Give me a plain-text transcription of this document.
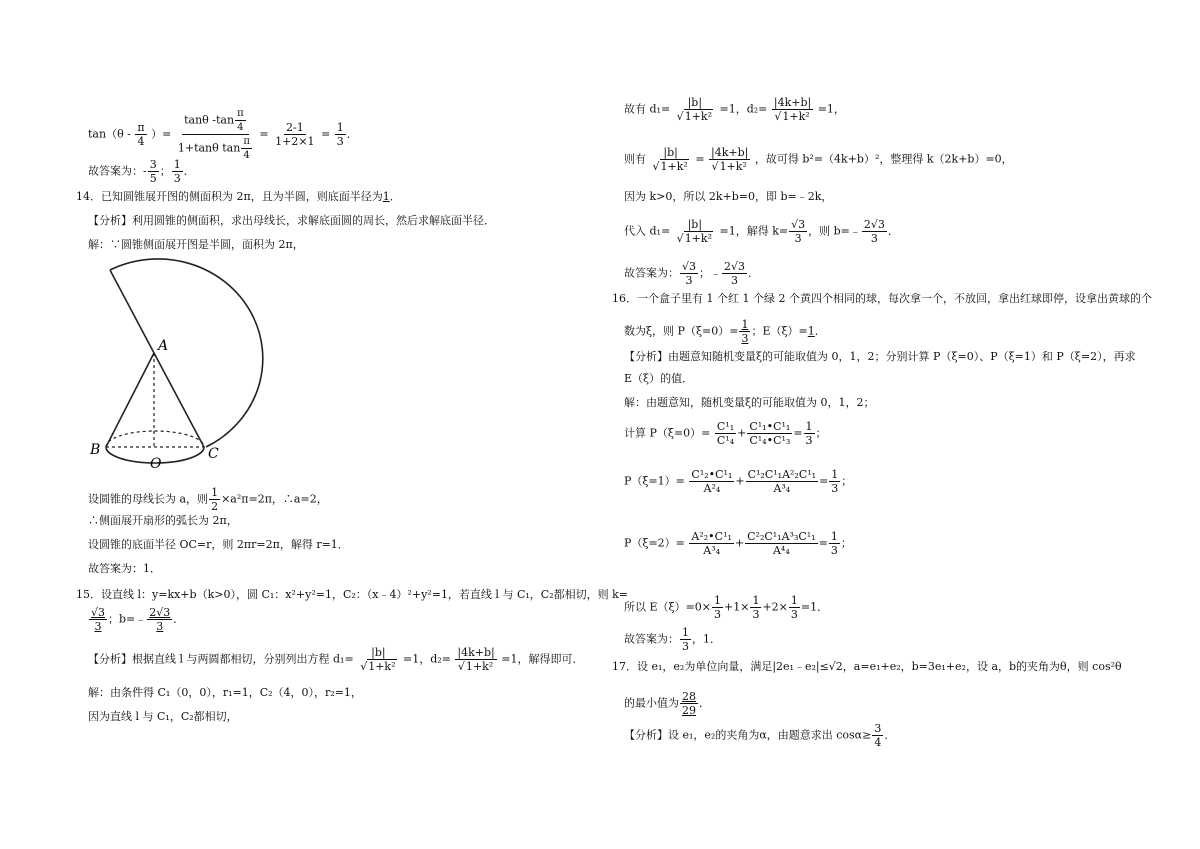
$\tan(\theta - \frac{\pi}{4}$ ）= $\frac{\tan\theta -\tan \frac{\pi}{4}}{1+\tan\theta \tan \frac{\pi}{4}} = \frac{2-1}{1+2\times 1} = \frac{1}{3}$ ．
故答案为：- $\frac{3}{5}$ ； $\frac{1}{3}$ ．
14．已知圆锥展开图的侧面积为 2π，且为半圆，则底面半径为1．
【分析】利用圆锥的侧面积，求出母线长，求解底面圆的周长，然后求解底面半径．
解：∵圆锥侧面展开图是半圆，面积为 2π，
A
B
O
C
设圆锥的母线长为 a，则 $\frac{1}{2} \times a^2\pi=2\pi$，∴a=2，
∴侧面展开扇形的弧长为 2π，
设圆锥的底面半径 OC=r，则 2πr=2π，解得 r=1．
故答案为：1．
15．设直线 l：y=kx+b（k>0），圆 C₁：x²+y²=1，C₂：（x﹣4）²+y²=1，若直线 l 与 C₁，C₂都相切，则 k=
$\frac{√3}{3}$ ；b=﹣ $\frac{2√3}{3}$ ．
【分析】根据直线 l 与两圆都相切，分别列出方程 $d_1= \frac{|b|}{\text{√1+k²}} =1$，$d_2= \frac{|4k+b|}{\text{√1+k²}} =1$，解得即可．
解：由条件得 C₁（0，0），r₁=1，C₂（4，0），r₂=1，
因为直线 l 与 C₁，C₂都相切，
故有 $d_1= \frac{|b|}{\text{√1+k²}} =1$，$d_2= \frac{|4k+b|}{\text{√1+k²}} =1$，
则有 $\frac{|b|}{\text{√1+k²}} = \frac{|4k+b|}{\text{√1+k²}}$ ，故可得 b²=（4k+b）²，整理得 k（2k+b）=0，
因为 k>0，所以 2k+b=0，即 b=﹣2k，
代入 $d_1= \frac{|b|}{\text{√1+k²}} =1$，解得 $k= \frac{√3}{3}$ ，则 b=﹣ $\frac{2√3}{3}$ ．
故答案为： $\frac{√3}{3}$ ；﹣ $\frac{2√3}{3}$ ．
16．一个盒子里有 1 个红 1 个绿 2 个黄四个相同的球，每次拿一个，不放回，拿出红球即停，设拿出黄球的个
数为ξ，则 $P(\xi=0)= \frac{1}{3}$ ；E（ξ）=1．
【分析】由题意知随机变量ξ的可能取值为 0，1，2；分别计算 P（ξ=0）、P（ξ=1）和 P（ξ=2），再求
E（ξ）的值．
解：由题意知，随机变量ξ的可能取值为 0，1，2；
计算 $P(\xi=0)= \frac{\text{C¹₁}}{\text{C¹₄}} + \frac{\text{C¹₁•C¹₁}}{\text{C¹₄•C¹₃}} = \frac{1}{3}$ ；
$P(\xi=1)= \frac{\text{C¹₂•C¹₁}}{\text{A²₄}} + \frac{\text{C¹₂C¹₁A²₂C¹₁}}{\text{A³₄}} = \frac{1}{3}$ ；
$P(\xi=2)= \frac{\text{A²₂•C¹₁}}{\text{A³₄}} + \frac{\text{C²₂C¹₁A³₃C¹₁}}{\text{A⁴₄}} = \frac{1}{3}$ ；
所以 $E(\xi)=0\times \frac{1}{3} +1\times \frac{1}{3} +2\times \frac{1}{3} =1$．
故答案为： $\frac{1}{3}$ ，1．
17．设 e₁，e₂为单位向量，满足|2e₁﹣e₂|≤√2，a=e₁+e₂，b=3e₁+e₂，设 a，b的夹角为θ，则 cos²θ
的最小值为 $\frac{28}{29}$ ．
【分析】设 e₁，e₂的夹角为α，由题意求出 $\cos\alpha\ge \frac{3}{4}$ ．
